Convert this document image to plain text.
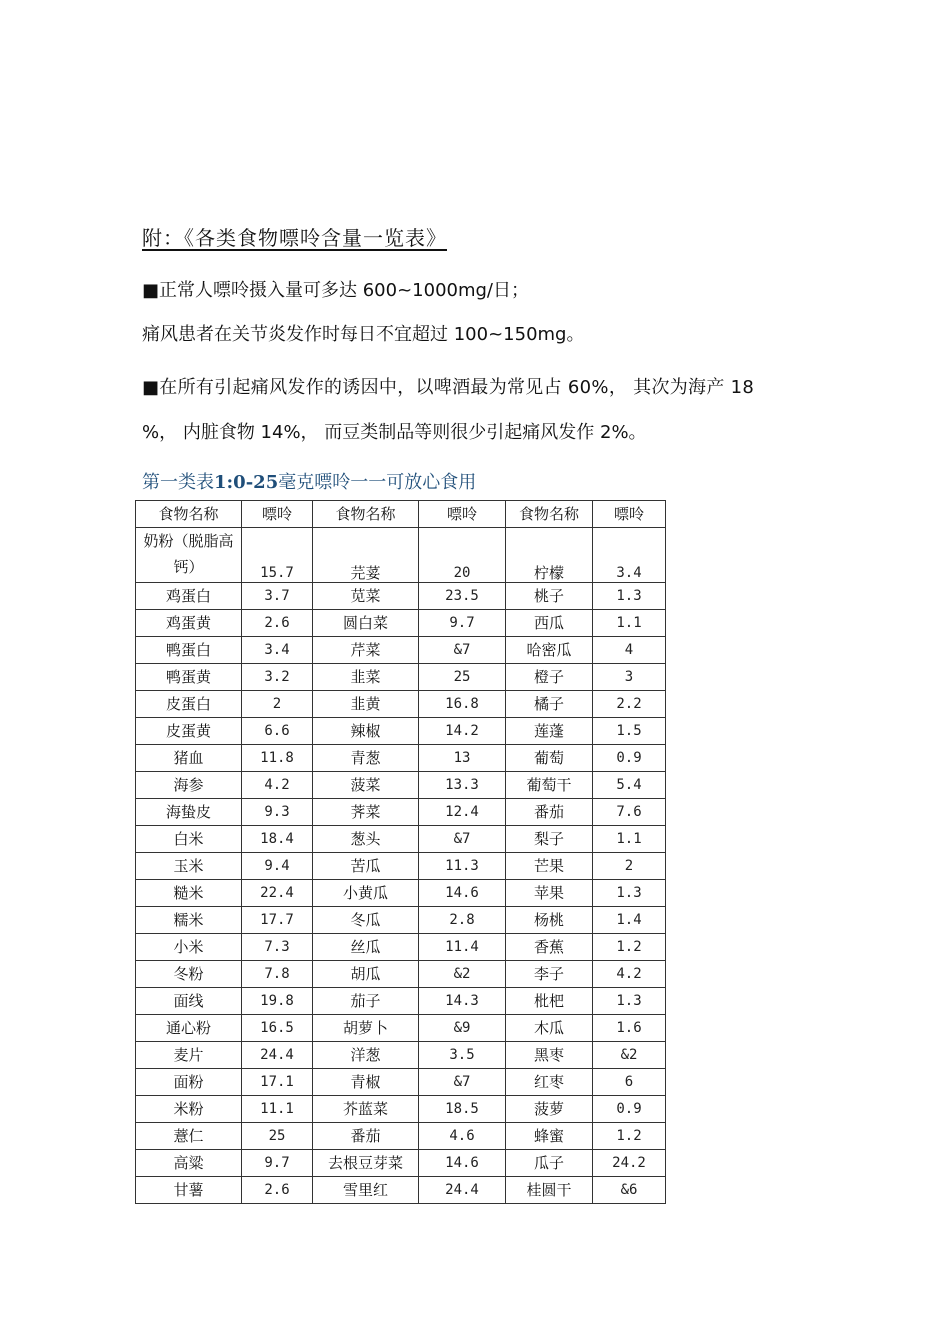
附：《各类食物嘌呤含量一览表》
■正常人嘌呤摄入量可多达 600~1000mg/日；
痛风患者在关节炎发作时每日不宜超过 100~150mg。
■在所有引起痛风发作的诱因中，以啤酒最为常见占 60%， 其次为海产 18
%， 内脏食物 14%， 而豆类制品等则很少引起痛风发作 2%。
第一类表1:0-25毫克嘌呤一一可放心食用
食物名称	嘌呤	食物名称	嘌呤	食物名称	嘌呤
奶粉（脱脂高钙）	15.7	芫荽	20	柠檬	3.4
鸡蛋白	3.7	苋菜	23.5	桃子	1.3
鸡蛋黄	2.6	圆白菜	9.7	西瓜	1.1
鸭蛋白	3.4	芹菜	&7	哈密瓜	4
鸭蛋黄	3.2	韭菜	25	橙子	3
皮蛋白	2	韭黄	16.8	橘子	2.2
皮蛋黄	6.6	辣椒	14.2	莲蓬	1.5
猪血	11.8	青葱	13	葡萄	0.9
海参	4.2	菠菜	13.3	葡萄干	5.4
海蛰皮	9.3	荠菜	12.4	番茄	7.6
白米	18.4	葱头	&7	梨子	1.1
玉米	9.4	苦瓜	11.3	芒果	2
糙米	22.4	小黄瓜	14.6	苹果	1.3
糯米	17.7	冬瓜	2.8	杨桃	1.4
小米	7.3	丝瓜	11.4	香蕉	1.2
冬粉	7.8	胡瓜	&2	李子	4.2
面线	19.8	茄子	14.3	枇杷	1.3
通心粉	16.5	胡萝卜	&9	木瓜	1.6
麦片	24.4	洋葱	3.5	黑枣	&2
面粉	17.1	青椒	&7	红枣	6
米粉	11.1	芥蓝菜	18.5	菠萝	0.9
薏仁	25	番茄	4.6	蜂蜜	1.2
高粱	9.7	去根豆芽菜	14.6	瓜子	24.2
甘薯	2.6	雪里红	24.4	桂圆干	&6
